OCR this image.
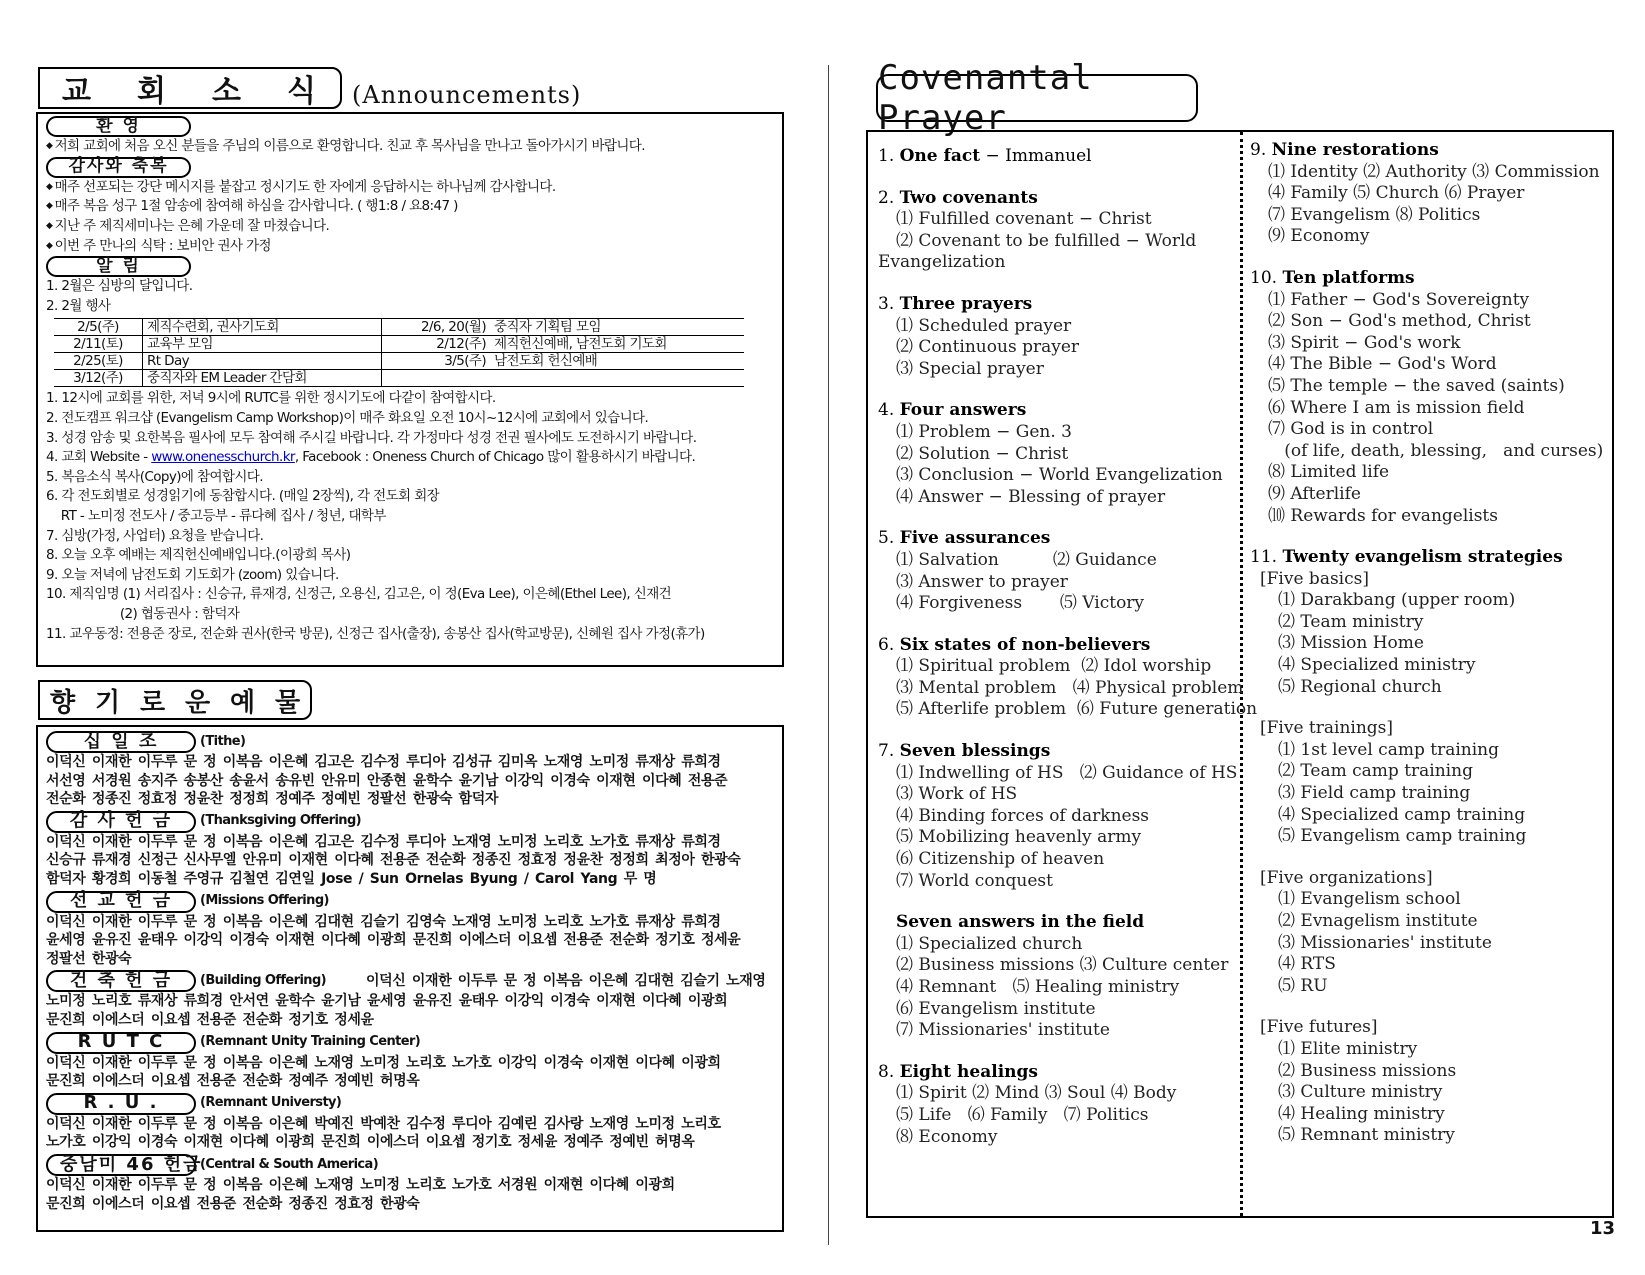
교 회 소 식 (Announcements)
환 영
◆ 저희 교회에 처음 오신 분들을 주님의 이름으로 환영합니다. 친교 후 목사님을 만나고 돌아가시기 바랍니다.
감사와 축복
◆ 매주 선포되는 강단 메시지를 붙잡고 정시기도 한 자에게 응답하시는 하나님께 감사합니다.
◆ 매주 복음 성구 1절 암송에 참여해 하심을 감사합니다. ( 행1:8 / 요8:47 )
◆ 지난 주 제직세미나는 은혜 가운데 잘 마쳤습니다.
◆ 이번 주 만나의 식탁 : 보비안 권사 가정
알 림
1. 2월은 심방의 달입니다.
2. 2월 행사
2/5(주)	제직수련회, 권사기도회	2/6, 20(월)	중직자 기획팀 모임
2/11(토)	교육부 모임	2/12(주)	제직헌신예배, 남전도회 기도회
2/25(토)	Rt Day	3/5(주)	남전도회 헌신예배
3/12(주)	중직자와 EM Leader 간담회		
1. 12시에 교회를 위한, 저녁 9시에 RUTC를 위한 정시기도에 다같이 참여합시다.
2. 전도캠프 워크샵 (Evangelism Camp Workshop)이 매주 화요일 오전 10시~12시에 교회에서 있습니다.
3. 성경 암송 및 요한복음 필사에 모두 참여해 주시길 바랍니다. 각 가정마다 성경 전권 필사에도 도전하시기 바랍니다.
4. 교회 Website - www.onenesschurch.kr, Facebook : Oneness Church of Chicago 많이 활용하시기 바랍니다.
5. 복음소식 복사(Copy)에 참여합시다.
6. 각 전도회별로 성경읽기에 동참합시다. (매일 2장씩), 각 전도회 회장
RT - 노미정 전도사 / 중고등부 - 류다혜 집사 / 청년, 대학부
7. 심방(가정, 사업터) 요청을 받습니다.
8. 오늘 오후 예배는 제직헌신예배입니다.(이광희 목사)
9. 오늘 저녁에 남전도회 기도회가 (zoom) 있습니다.
10. 제직임명 (1) 서리집사 : 신승규, 류재경, 신정근, 오용신, 김고은, 이 정(Eva Lee), 이은혜(Ethel Lee), 신재건
(2) 협동권사 : 함덕자
11. 교우동정: 전용준 장로, 전순화 권사(한국 방문), 신정근 집사(출장), 송봉산 집사(학교방문), 신혜원 집사 가정(휴가)
향 기 로 운 예 물
십 일 조	(Tithe)
이덕신 이재한 이두루 문 정 이복음 이은혜 김고은 김수정 루디아 김성규 김미옥 노재영 노미정 류재상 류희경
서선영 서경원 송지주 송봉산 송윤서 송유빈 안유미 안종현 윤학수 윤기남 이강익 이경숙 이재현 이다혜 전용준
전순화 정종진 정효정 정윤찬 정정희 정예주 정예빈 정팔선 한광숙 함덕자
감 사 헌 금	(Thanksgiving Offering)
이덕신 이재한 이두루 문 정 이복음 이은혜 김고은 김수정 루디아 노재영 노미정 노리호 노가호 류재상 류희경
신승규 류재경 신정근 신사무엘 안유미 이재현 이다혜 전용준 전순화 정종진 정효정 정윤찬 정정희 최정아 한광숙
함덕자 황경희 이동철 주영규 김철연 김연일 Jose / Sun Ornelas Byung / Carol Yang 무 명
선 교 헌 금	(Missions Offering)
이덕신 이재한 이두루 문 정 이복음 이은혜 김대현 김슬기 김영숙 노재영 노미정 노리호 노가호 류재상 류희경
윤세영 윤유진 윤태우 이강익 이경숙 이재현 이다혜 이광희 문진희 이에스더 이요셉 전용준 전순화 정기호 정세윤
정팔선 한광숙
건 축 헌 금	(Building Offering)	이덕신 이재한 이두루 문 정 이복음 이은혜 김대현 김슬기 노재영
노미정 노리호 류재상 류희경 안서연 윤학수 윤기남 윤세영 윤유진 윤태우 이강익 이경숙 이재현 이다혜 이광희
문진희 이에스더 이요셉 전용준 전순화 정기호 정세윤
R U T C	(Remnant Unity Training Center)
이덕신 이재한 이두루 문 정 이복음 이은혜 노재영 노미정 노리호 노가호 이강익 이경숙 이재현 이다혜 이광희
문진희 이에스더 이요셉 전용준 전순화 정예주 정예빈 허명옥
R . U .	(Remnant Universty)
이덕신 이재한 이두루 문 정 이복음 이은혜 박예진 박예찬 김수정 루디아 김예린 김사랑 노재영 노미정 노리호
노가호 이강익 이경숙 이재현 이다혜 이광희 문진희 이에스더 이요셉 정기호 정세윤 정예주 정예빈 허명옥
중남미 46 헌금
(Central & South America)
이덕신 이재한 이두루 문 정 이복음 이은혜 노재영 노미정 노리호 노가호 서경원 이재현 이다혜 이광희
문진희 이에스더 이요셉 전용준 전순화 정종진 정효정 한광숙
Covenantal Prayer
1. One fact − Immanuel
2. Two covenants
⑴ Fulfilled covenant − Christ
⑵ Covenant to be fulfilled − World
Evangelization
3. Three prayers
⑴ Scheduled prayer
⑵ Continuous prayer
⑶ Special prayer
4. Four answers
⑴ Problem − Gen. 3
⑵ Solution − Christ
⑶ Conclusion − World Evangelization
⑷ Answer − Blessing of prayer
5. Five assurances
⑴ Salvation          ⑵ Guidance
⑶ Answer to prayer
⑷ Forgiveness       ⑸ Victory
6. Six states of non-believers
⑴ Spiritual problem  ⑵ Idol worship
⑶ Mental problem   ⑷ Physical problem
⑸ Afterlife problem  ⑹ Future generation
7. Seven blessings
⑴ Indwelling of HS   ⑵ Guidance of HS
⑶ Work of HS
⑷ Binding forces of darkness
⑸ Mobilizing heavenly army
⑹ Citizenship of heaven
⑺ World conquest
Seven answers in the field
⑴ Specialized church
⑵ Business missions ⑶ Culture center
⑷ Remnant   ⑸ Healing ministry
⑹ Evangelism institute
⑺ Missionaries' institute
8. Eight healings
⑴ Spirit ⑵ Mind ⑶ Soul ⑷ Body
⑸ Life   ⑹ Family   ⑺ Politics
⑻ Economy
9. Nine restorations
⑴ Identity ⑵ Authority ⑶ Commission
⑷ Family ⑸ Church ⑹ Prayer
⑺ Evangelism ⑻ Politics
⑼ Economy
10. Ten platforms
⑴ Father − God's Sovereignty
⑵ Son − God's method, Christ
⑶ Spirit − God's work
⑷ The Bible − God's Word
⑸ The temple − the saved (saints)
⑹ Where I am is mission field
⑺ God is in control
(of life, death, blessing,   and curses)
⑻ Limited life
⑼ Afterlife
⑽ Rewards for evangelists
11. Twenty evangelism strategies
[Five basics]
⑴ Darakbang (upper room)
⑵ Team ministry
⑶ Mission Home
⑷ Specialized ministry
⑸ Regional church
[Five trainings]
⑴ 1st level camp training
⑵ Team camp training
⑶ Field camp training
⑷ Specialized camp training
⑸ Evangelism camp training
[Five organizations]
⑴ Evangelism school
⑵ Evnagelism institute
⑶ Missionaries' institute
⑷ RTS
⑸ RU
[Five futures]
⑴ Elite ministry
⑵ Business missions
⑶ Culture ministry
⑷ Healing ministry
⑸ Remnant ministry
13
